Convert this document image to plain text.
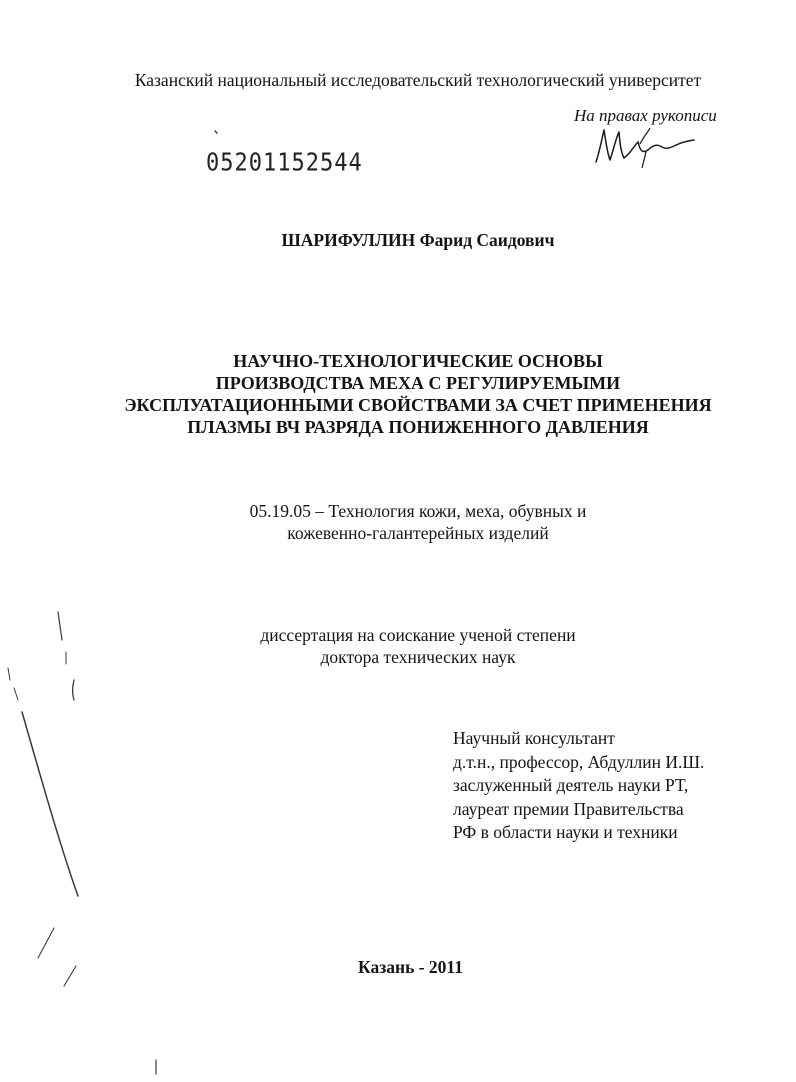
Казанский национальный исследовательский технологический университет
На правах рукописи
05201152544
ШАРИФУЛЛИН Фарид Саидович
НАУЧНО-ТЕХНОЛОГИЧЕСКИЕ ОСНОВЫ
ПРОИЗВОДСТВА МЕХА С РЕГУЛИРУЕМЫМИ
ЭКСПЛУАТАЦИОННЫМИ СВОЙСТВАМИ ЗА СЧЕТ ПРИМЕНЕНИЯ
ПЛАЗМЫ ВЧ РАЗРЯДА ПОНИЖЕННОГО ДАВЛЕНИЯ
05.19.05 – Технология кожи, меха, обувных и
кожевенно-галантерейных изделий
диссертация на соискание ученой степени
доктора технических наук
Научный консультант
д.т.н., профессор, Абдуллин И.Ш.
заслуженный деятель науки РТ,
лауреат премии Правительства
РФ в области науки и техники
Казань - 2011
